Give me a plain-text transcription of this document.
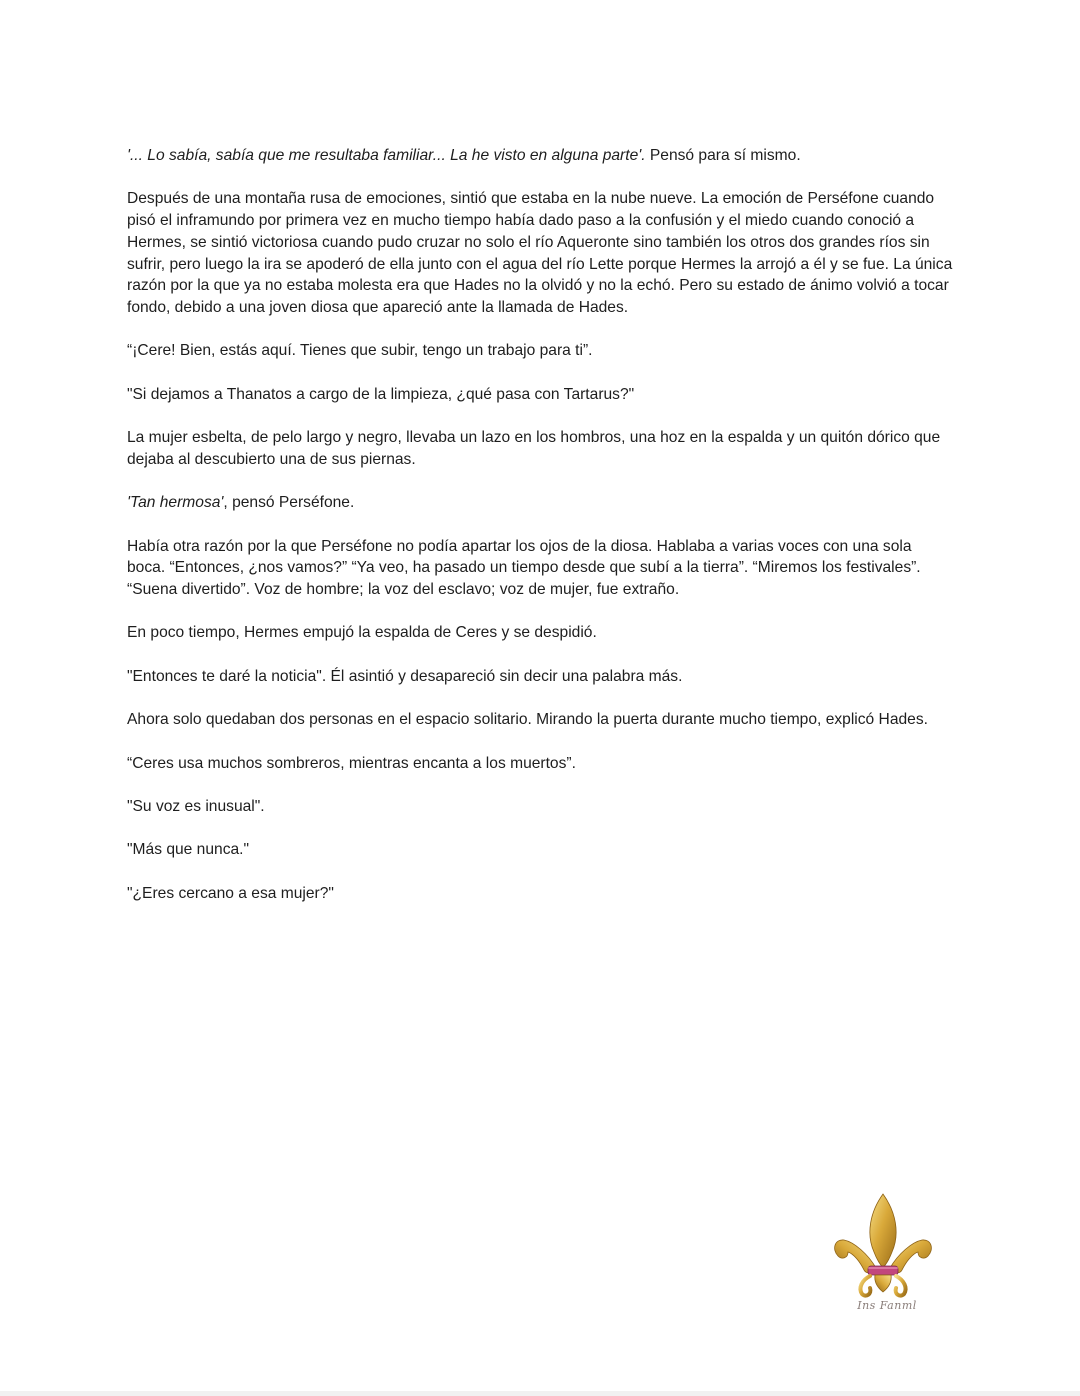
'... Lo sabía, sabía que me resultaba familiar... La he visto en alguna parte'. Pensó para sí mismo.

Después de una montaña rusa de emociones, sintió que estaba en la nube nueve. La emoción de Perséfone cuando pisó el inframundo por primera vez en mucho tiempo había dado paso a la confusión y el miedo cuando conoció a Hermes, se sintió victoriosa cuando pudo cruzar no solo el río Aqueronte sino también los otros dos grandes ríos sin sufrir, pero luego la ira se apoderó de ella junto con el agua del río Lette porque Hermes la arrojó a él y se fue. La única razón por la que ya no estaba molesta era que Hades no la olvidó y no la echó. Pero su estado de ánimo volvió a tocar fondo, debido a una joven diosa que apareció ante la llamada de Hades.

“¡Cere! Bien, estás aquí. Tienes que subir, tengo un trabajo para ti”.

"Si dejamos a Thanatos a cargo de la limpieza, ¿qué pasa con Tartarus?"

La mujer esbelta, de pelo largo y negro, llevaba un lazo en los hombros, una hoz en la espalda y un quitón dórico que dejaba al descubierto una de sus piernas.

'Tan hermosa', pensó Perséfone.

Había otra razón por la que Perséfone no podía apartar los ojos de la diosa. Hablaba a varias voces con una sola boca. “Entonces, ¿nos vamos?” “Ya veo, ha pasado un tiempo desde que subí a la tierra”. “Miremos los festivales”. “Suena divertido”. Voz de hombre; la voz del esclavo; voz de mujer, fue extraño.

En poco tiempo, Hermes empujó la espalda de Ceres y se despidió.

"Entonces te daré la noticia". Él asintió y desapareció sin decir una palabra más.

Ahora solo quedaban dos personas en el espacio solitario. Mirando la puerta durante mucho tiempo, explicó Hades.

“Ceres usa muchos sombreros, mientras encanta a los muertos”.

"Su voz es inusual".

"Más que nunca."

"¿Eres cercano a esa mujer?"

Ins Fanml
